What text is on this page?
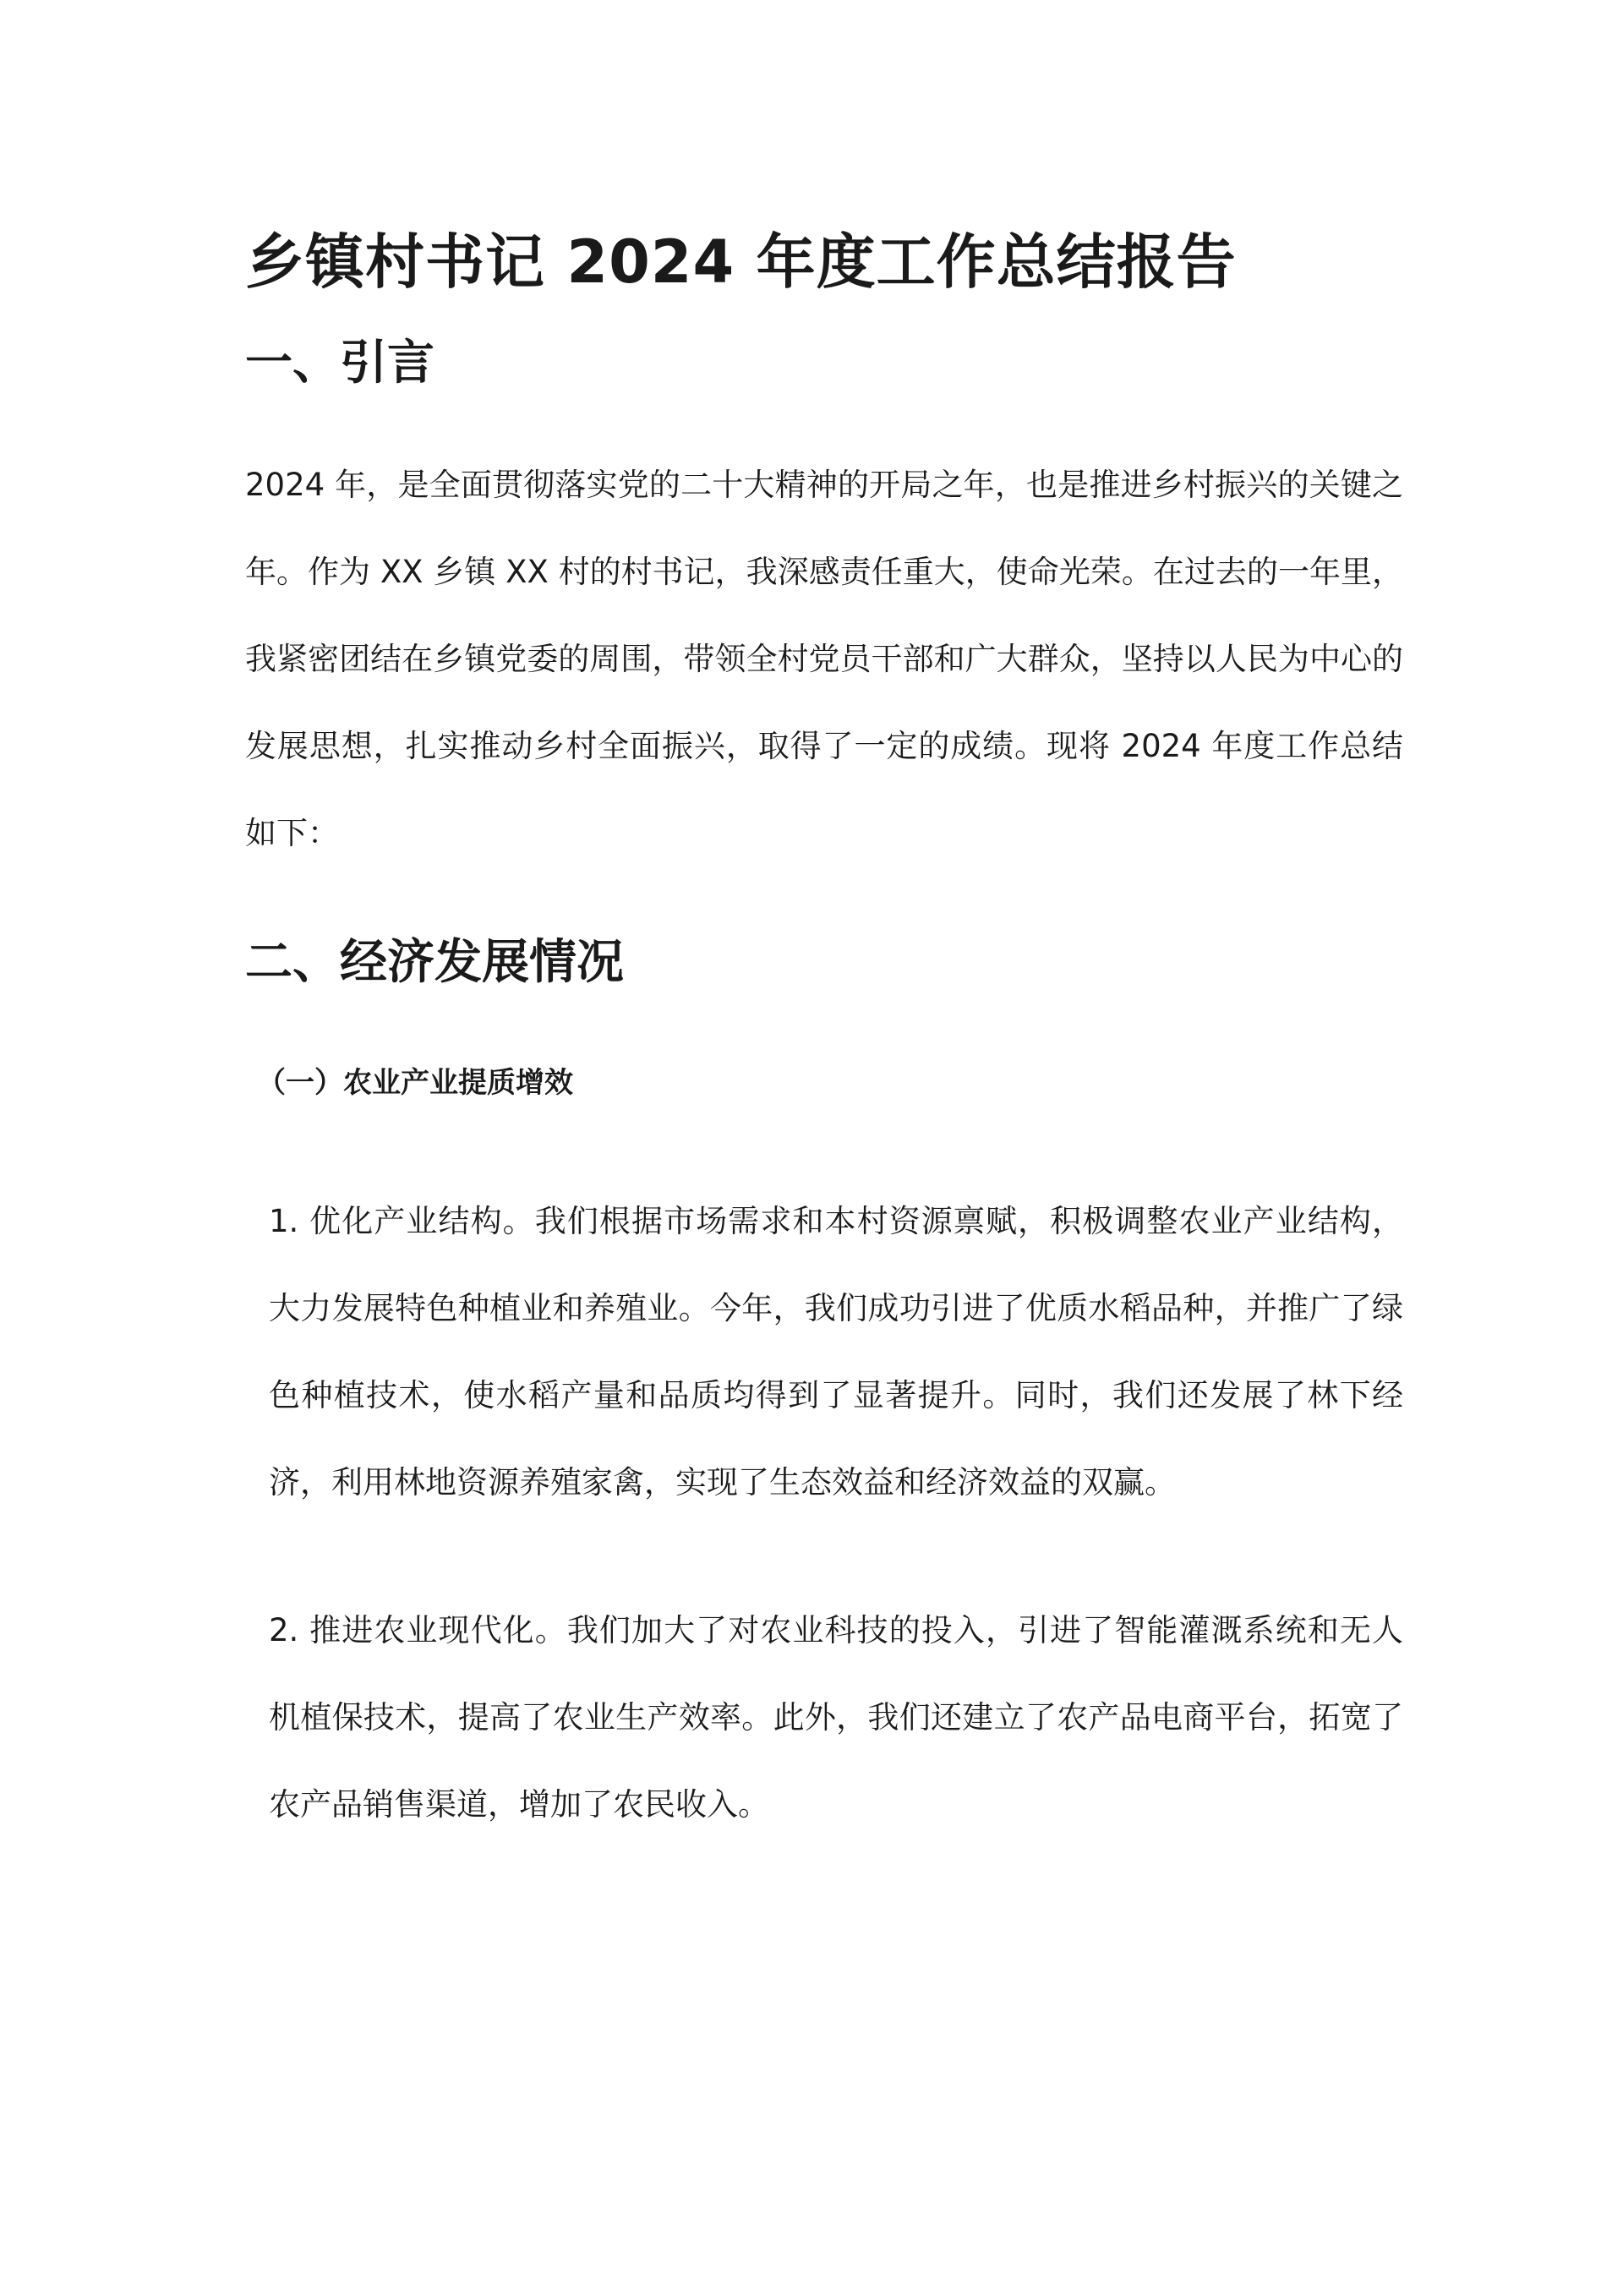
乡镇村书记 2024 年度工作总结报告
一、引言

2024 年，是全面贯彻落实党的二十大精神的开局之年，也是推进乡村振兴的关键之年。作为 XX 乡镇 XX 村的村书记，我深感责任重大，使命光荣。在过去的一年里，我紧密团结在乡镇党委的周围，带领全村党员干部和广大群众，坚持以人民为中心的发展思想，扎实推动乡村全面振兴，取得了一定的成绩。现将 2024 年度工作总结如下：

二、经济发展情况
（一）农业产业提质增效

1. 优化产业结构。我们根据市场需求和本村资源禀赋，积极调整农业产业结构，大力发展特色种植业和养殖业。今年，我们成功引进了优质水稻品种，并推广了绿色种植技术，使水稻产量和品质均得到了显著提升。同时，我们还发展了林下经济，利用林地资源养殖家禽，实现了生态效益和经济效益的双赢。

2. 推进农业现代化。我们加大了对农业科技的投入，引进了智能灌溉系统和无人机植保技术，提高了农业生产效率。此外，我们还建立了农产品电商平台，拓宽了农产品销售渠道，增加了农民收入。
